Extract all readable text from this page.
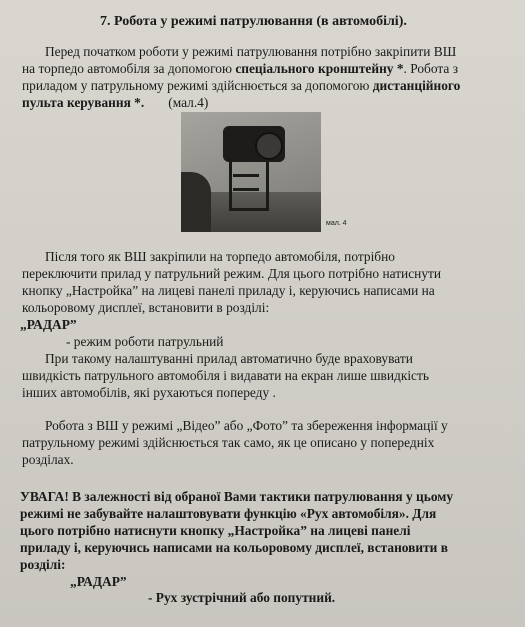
7. Робота у режимі патрулювання (в автомобілі).
Перед початком роботи у режимі патрулювання потрібно закріпити ВШ
на торпедо автомобіля за допомогою спеціального кронштейну *. Робота з
приладом у патрульному режимі здійснюється за допомогою дистанційного
пульта керування *. (мал.4)
мал. 4
Після того як ВШ закріпили на торпедо автомобіля, потрібно
переключити прилад у патрульний режим. Для цього потрібно натиснути
кнопку „Настройка” на лицеві панелі приладу і, керуючись написами на
кольоровому дисплеї, встановити в розділі:
„РАДАР”
- режим роботи патрульний
При такому налаштуванні прилад автоматично буде враховувати
швидкість патрульного автомобіля і видавати на екран лише швидкість
інших автомобілів, які рухаються попереду .
Робота з ВШ у режимі „Відео” або „Фото” та збереження інформації у
патрульному режимі здійснюється так само, як це описано у попередніх
розділах.
УВАГА! В залежності від обраної Вами тактики патрулювання у цьому
режимі не забувайте налаштовувати функцію «Рух автомобіля». Для
цього потрібно натиснути кнопку „Настройка” на лицеві панелі
приладу і, керуючись написами на кольоровому дисплеї, встановити в
розділі:
„РАДАР”
- Рух зустрічний або попутний.
